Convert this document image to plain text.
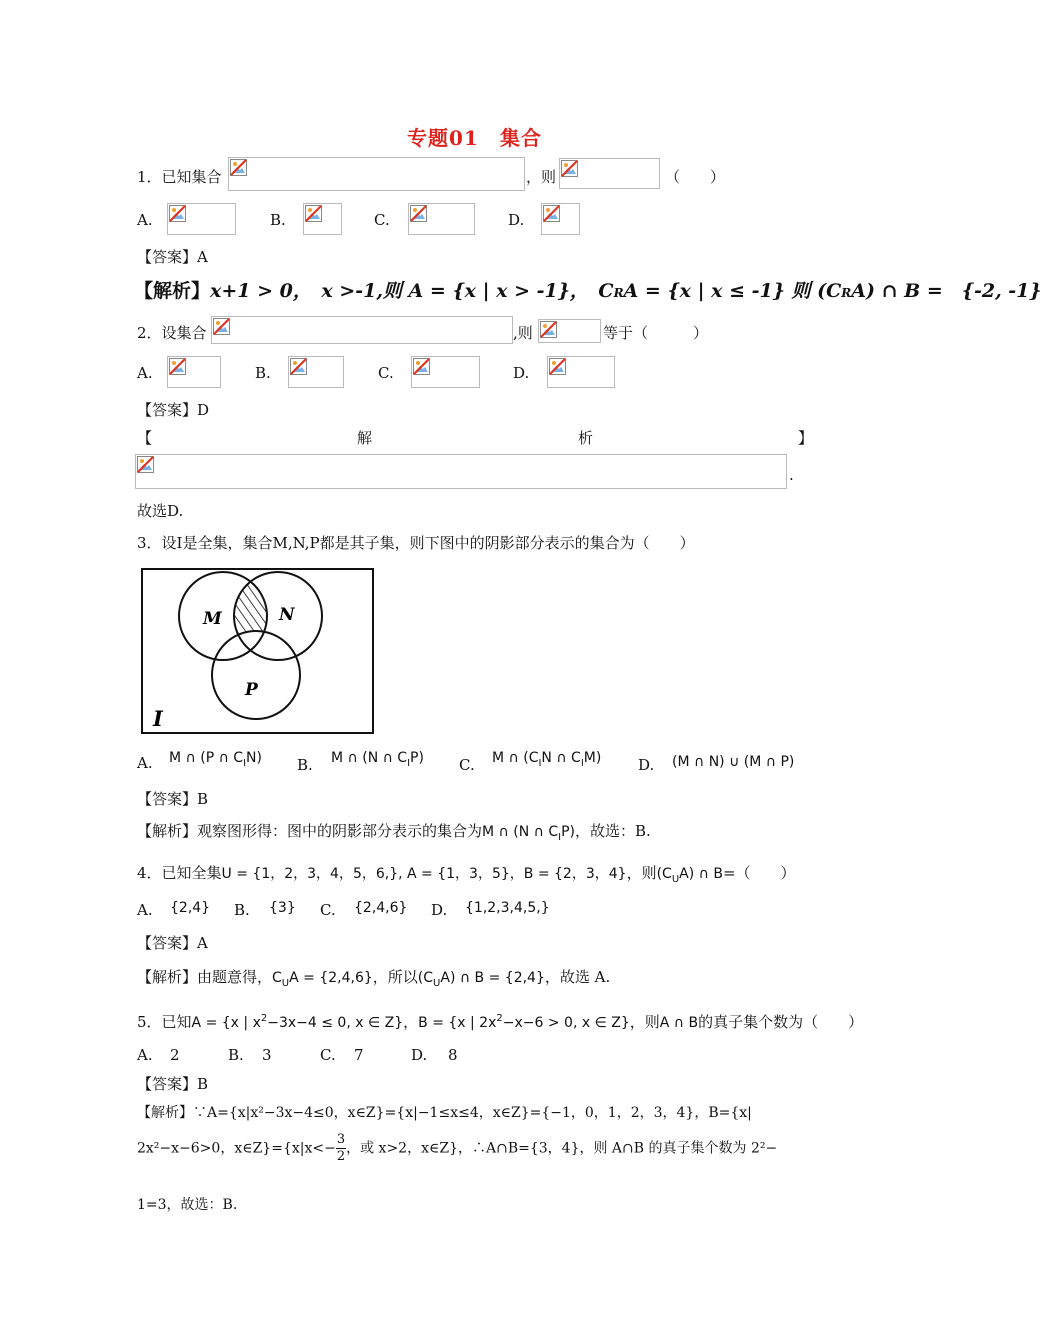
专题01　集合
1．已知集合	，则	（　　）
A.	B.	C.	D.
【答案】A
【解析】x+1 > 0，　x >-1,则 A = {x | x > -1}，　CRA = {x | x ≤ -1} 则 (CRA) ∩ B =　{-2, -1}
2．设集合	,则	等于（　　　）
A.	B.	C.	D.
【答案】D
【	解	析	】
.
故选D.
3．设I是全集，集合M,N,P都是其子集，则下图中的阴影部分表示的集合为（　　）
M	N
P
I
A. M ∩ (P ∩ $C_IN$) B. M ∩ (N ∩ $C_IP$) C. M ∩ ($C_IN$ ∩ $C_IM$) D. (M ∩ N) ∪ (M ∩ P)
【答案】B
【解析】观察图形得：图中的阴影部分表示的集合为M ∩ (N ∩ $C_IP$)，故选：B.
4．已知全集U = {1，2，3，4，5，6,}, A = {1，3，5}，B = {2，3，4}，则$(C_UA)$ ∩ B=（　　）
A. {2,4} B. {3} C. {2,4,6} D. {1,2,3,4,5,}
【答案】A
【解析】由题意得，$C_UA = \{2,4,6\}$，所以$(C_UA)$ ∩ B = {2,4}，故选 A.
5．已知A = {x | $x^2-3x-4 \le 0$, x ∈ Z}，B = {x | $2x^2-x-6 > 0$, x ∈ Z}，则A ∩ B的真子集个数为（　　）
A. 2	B. 3	C. 7	D. 8
【答案】B
【解析】∵A={x|x²−3x−4≤0，x∈Z}={x|−1≤x≤4，x∈Z}={−1，0，1，2，3，4}，B={x|
2x²−x−6>0，x∈Z}={x|x<− $\frac{3}{2}$ ，或 x>2，x∈Z}，∴A∩B={3，4}，则 A∩B 的真子集个数为 2²−
1=3，故选：B.
